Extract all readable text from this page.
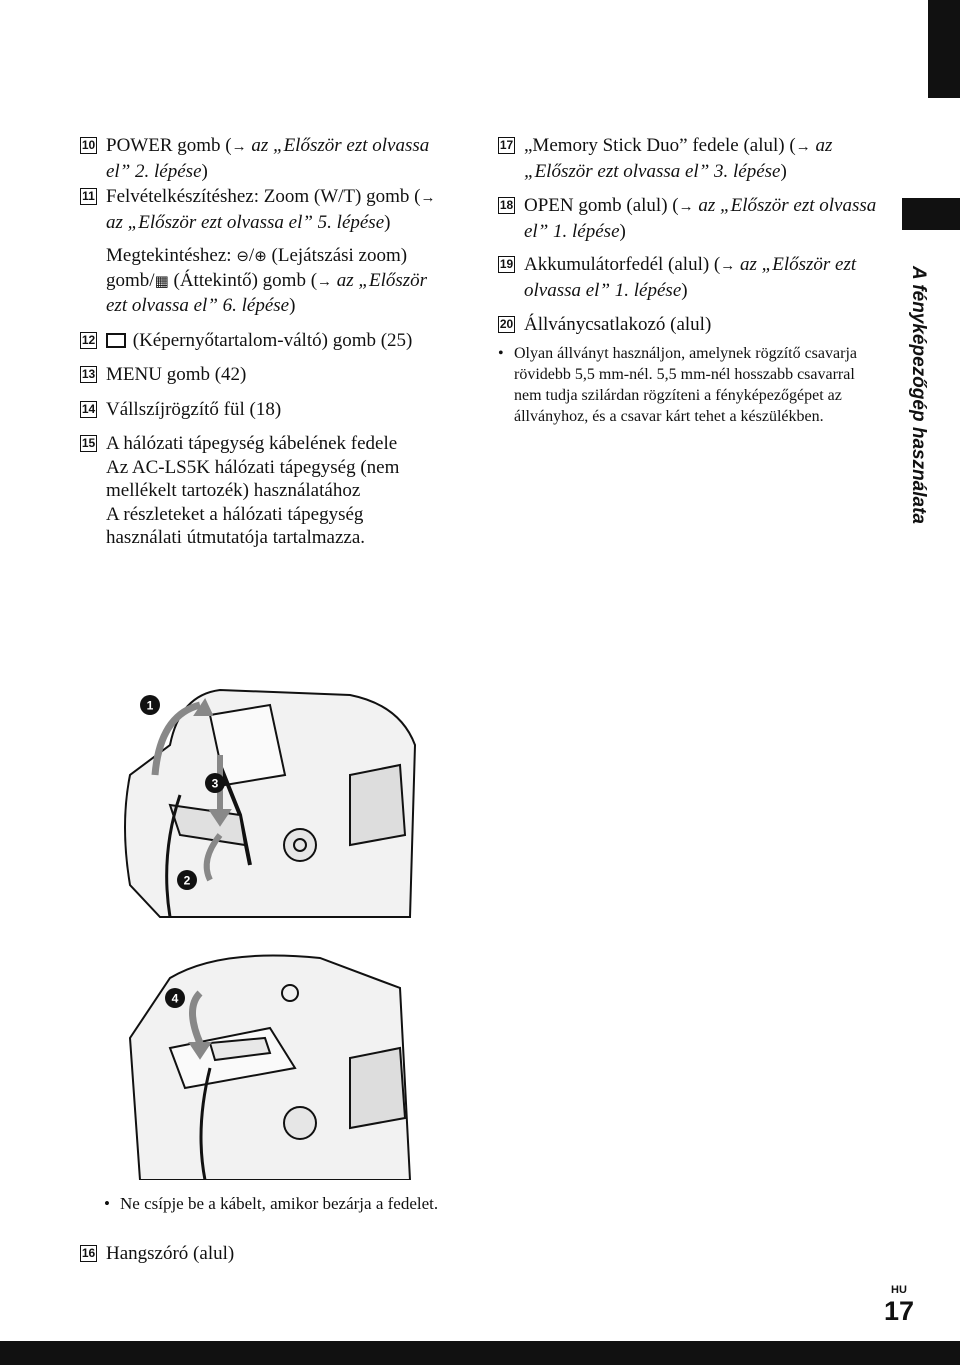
A fényképezőgép használata
10 POWER gomb (→ az „Először ezt olvassa el” 2. lépése)
11 Felvételkészítéshez: Zoom (W/T) gomb (→ az „Először ezt olvassa el” 5. lépése)
Megtekintéshez: ⊖/⊕ (Lejátszási zoom) gomb/▦ (Áttekintő) gomb (→ az „Először ezt olvassa el” 6. lépése)
12 (Képernyőtartalom-váltó) gomb (25)
13 MENU gomb (42)
14 Vállszíjrögzítő fül (18)
15 A hálózati tápegység kábelének fedele
Az AC-LS5K hálózati tápegység (nem mellékelt tartozék) használatához
A részleteket a hálózati tápegység használati útmutatója tartalmazza.
17 „Memory Stick Duo” fedele (alul) (→ az „Először ezt olvassa el” 3. lépése)
18 OPEN gomb (alul) (→ az „Először ezt olvassa el” 1. lépése)
19 Akkumulátorfedél (alul) (→ az „Először ezt olvassa el” 1. lépése)
20 Állványcsatlakozó (alul)
• Olyan állványt használjon, amelynek rögzítő csavarja rövidebb 5,5 mm-nél. 5,5 mm-nél hosszabb csavarral nem tudja szilárdan rögzíteni a fényképezőgépet az állványhoz, és a csavar kárt tehet a készülékben.
1
2
3
4
• Ne csípje be a kábelt, amikor bezárja a fedelet.
16 Hangszóró (alul)
HU
17
